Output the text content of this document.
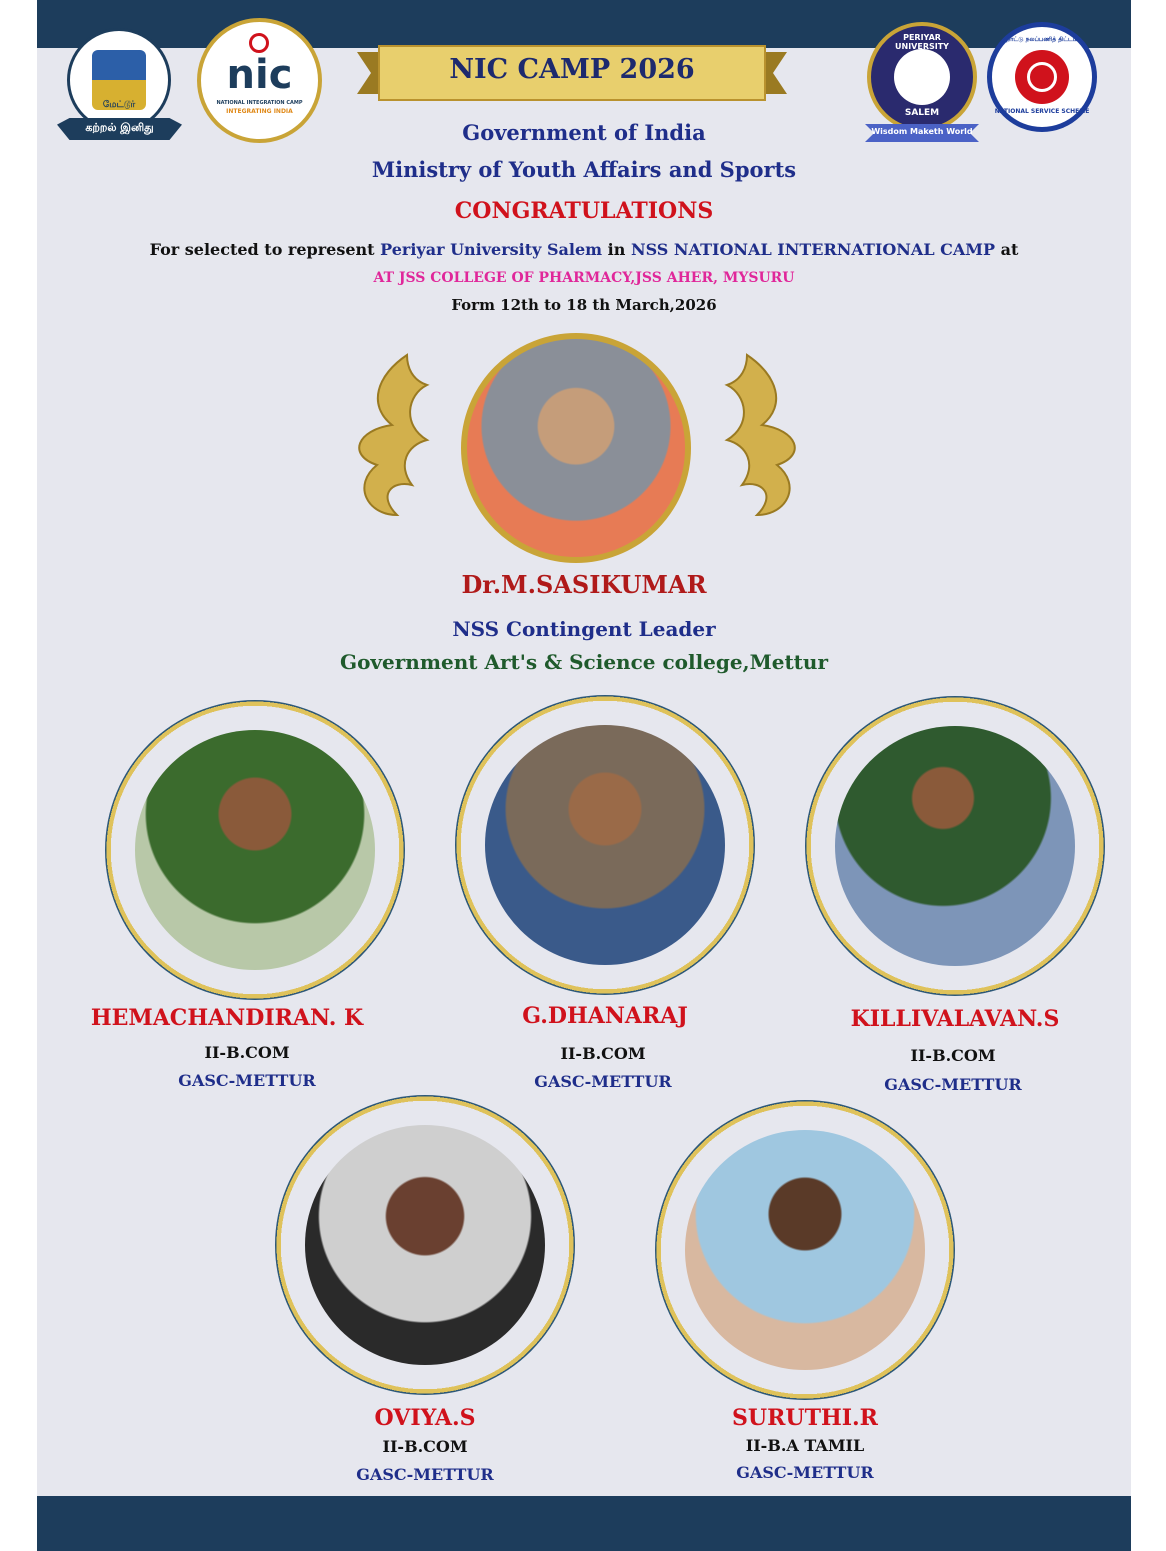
கற்றல் இனிது
மேட்டூர்
nic
NATIONAL INTEGRATION CAMP
INTEGRATING INDIA
NIC CAMP 2026
PERIYAR UNIVERSITY
SALEM
Wisdom Maketh World
நாட்டு நலப்பணித் திட்டம்
NATIONAL SERVICE SCHEME
Government of India
Ministry of Youth Affairs and Sports
CONGRATULATIONS
For selected to represent Periyar University Salem in NSS NATIONAL INTERNATIONAL CAMP at
AT JSS COLLEGE OF PHARMACY,JSS AHER, MYSURU
Form 12th to 18 th March,2026
Dr.M.SASIKUMAR
NSS Contingent Leader
Government Art's & Science college,Mettur
HEMACHANDIRAN. K
II-B.COM
GASC-METTUR
G.DHANARAJ
II-B.COM
GASC-METTUR
KILLIVALAVAN.S
II-B.COM
GASC-METTUR
OVIYA.S
II-B.COM
GASC-METTUR
SURUTHI.R
II-B.A TAMIL
GASC-METTUR
